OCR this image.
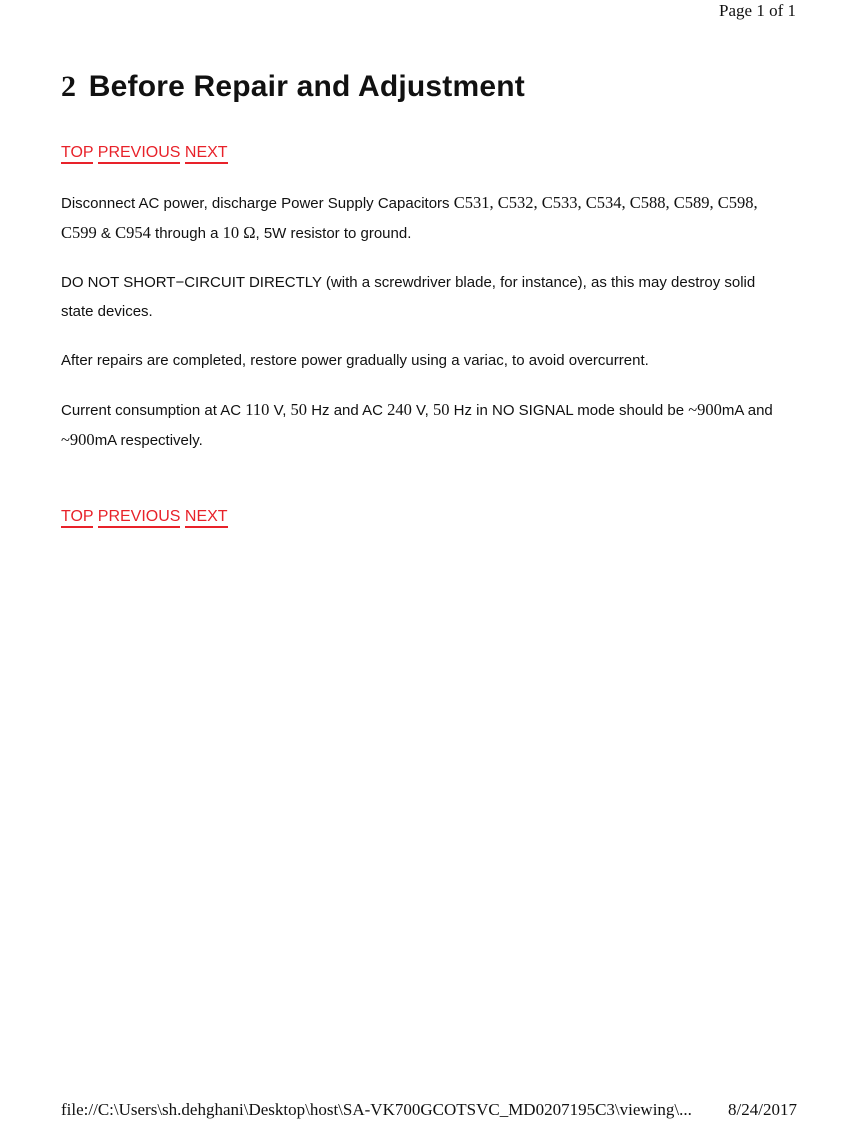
Page 1 of 1
2 Before Repair and Adjustment
TOP PREVIOUS NEXT

Disconnect AC power, discharge Power Supply Capacitors C531, C532, C533, C534, C588, C589, C598, C599 & C954 through a 10 Ω, 5W resistor to ground.

DO NOT SHORT−CIRCUIT DIRECTLY (with a screwdriver blade, for instance), as this may destroy solid state devices.

After repairs are completed, restore power gradually using a variac, to avoid overcurrent.

Current consumption at AC 110 V, 50 Hz and AC 240 V, 50 Hz in NO SIGNAL mode should be ~900mA and ~900mA respectively.

TOP PREVIOUS NEXT
file://C:\Users\sh.dehghani\Desktop\host\SA-VK700GCOTSVC_MD0207195C3\viewing\... 8/24/2017
